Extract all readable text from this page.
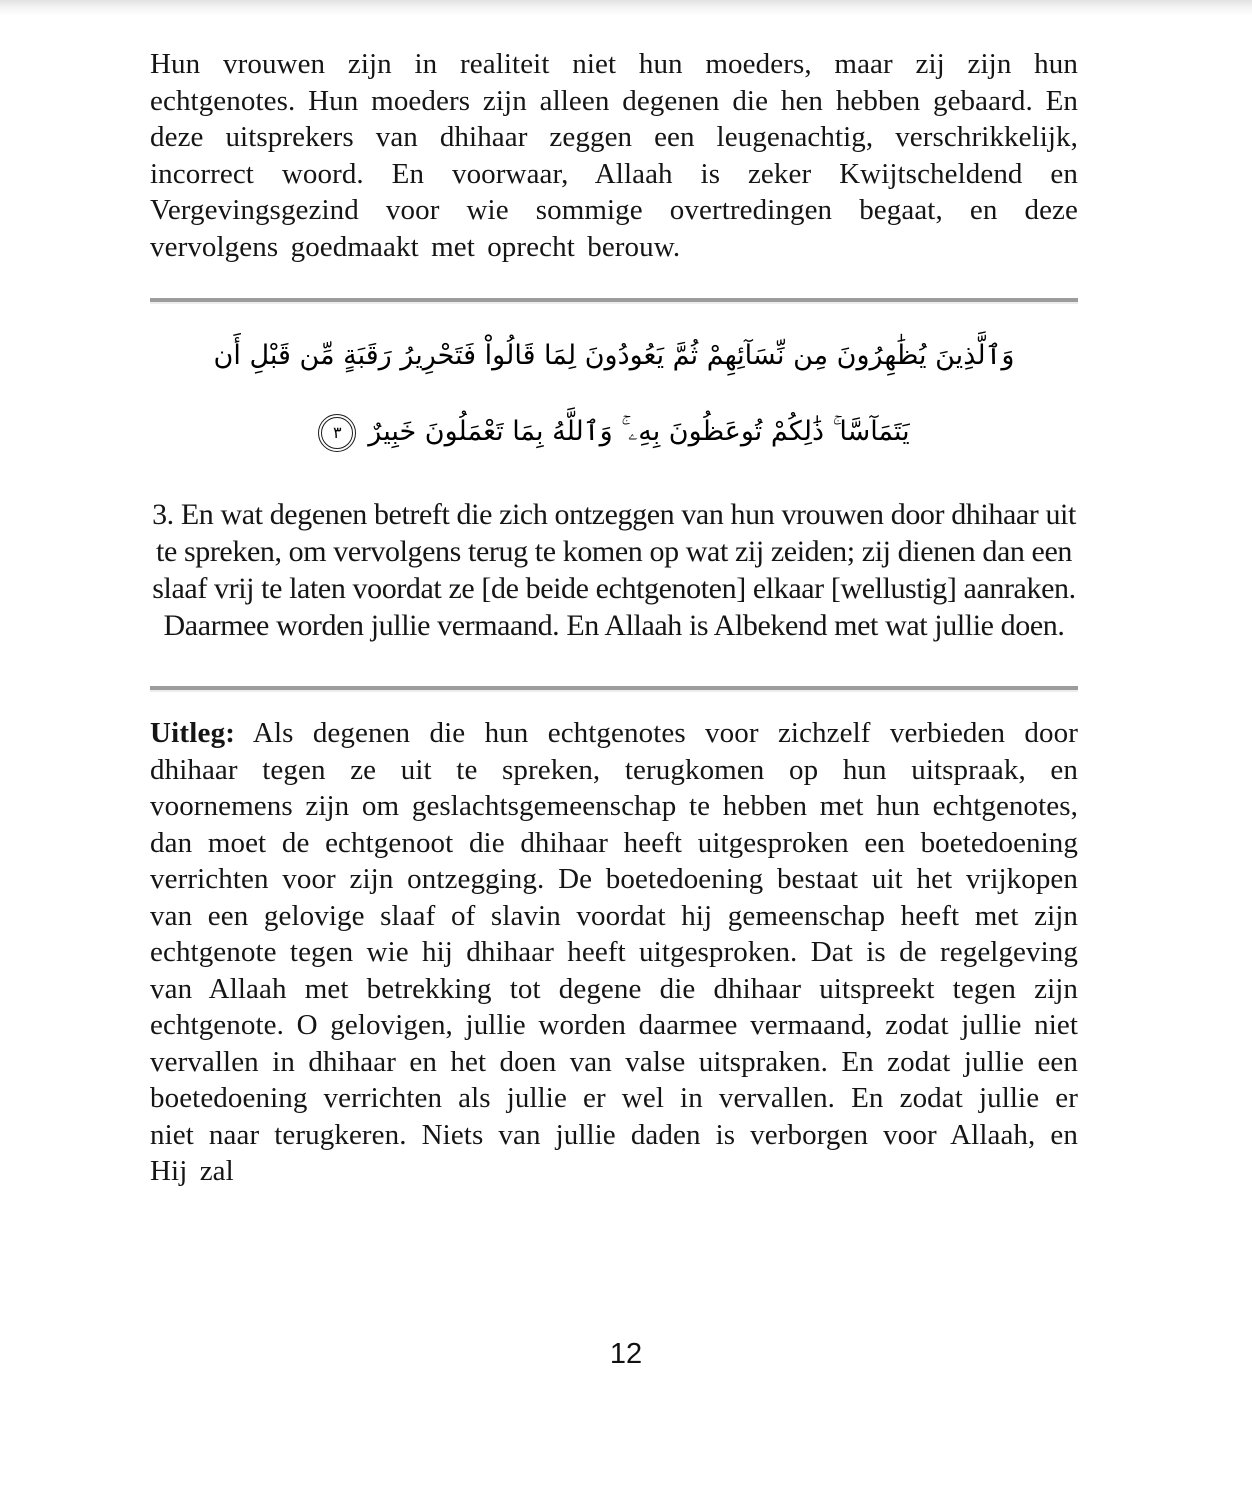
Hun vrouwen zijn in realiteit niet hun moeders, maar zij zijn hun echtgenotes. Hun moeders zijn alleen degenen die hen hebben gebaard. En deze uitsprekers van dhihaar zeggen een leugenachtig, verschrikkelijk, incorrect woord. En voorwaar, Allaah is zeker Kwijtscheldend en Vergevingsgezind voor wie sommige overtredingen begaat, en deze vervolgens goedmaakt met oprecht berouw.

وَٱلَّذِينَ يُظَٰهِرُونَ مِن نِّسَآئِهِمْ ثُمَّ يَعُودُونَ لِمَا قَالُواْ فَتَحْرِيرُ رَقَبَةٍ مِّن قَبْلِ أَن
يَتَمَآسَّا ۚ ذَٰلِكُمْ تُوعَظُونَ بِهِۦ ۚ وَٱللَّهُ بِمَا تَعْمَلُونَ خَبِيرٌ٣

3. En wat degenen betreft die zich ontzeggen van hun vrouwen door dhihaar uit te spreken, om vervolgens terug te komen op wat zij zeiden; zij dienen dan een slaaf vrij te laten voordat ze [de beide echtgenoten] elkaar [wellustig] aanraken. Daarmee worden jullie vermaand. En Allaah is Albekend met wat jullie doen.

Uitleg: Als degenen die hun echtgenotes voor zichzelf verbieden door dhihaar tegen ze uit te spreken, terugkomen op hun uitspraak, en voornemens zijn om geslachtsgemeenschap te hebben met hun echtgenotes, dan moet de echtgenoot die dhihaar heeft uitgesproken een boetedoening verrichten voor zijn ontzegging. De boetedoening bestaat uit het vrijkopen van een gelovige slaaf of slavin voordat hij gemeenschap heeft met zijn echtgenote tegen wie hij dhihaar heeft uitgesproken. Dat is de regelgeving van Allaah met betrekking tot degene die dhihaar uitspreekt tegen zijn echtgenote. O gelovigen, jullie worden daarmee vermaand, zodat jullie niet vervallen in dhihaar en het doen van valse uitspraken. En zodat jullie een boetedoening verrichten als jullie er wel in vervallen. En zodat jullie er niet naar terugkeren. Niets van jullie daden is verborgen voor Allaah, en Hij zal

12
